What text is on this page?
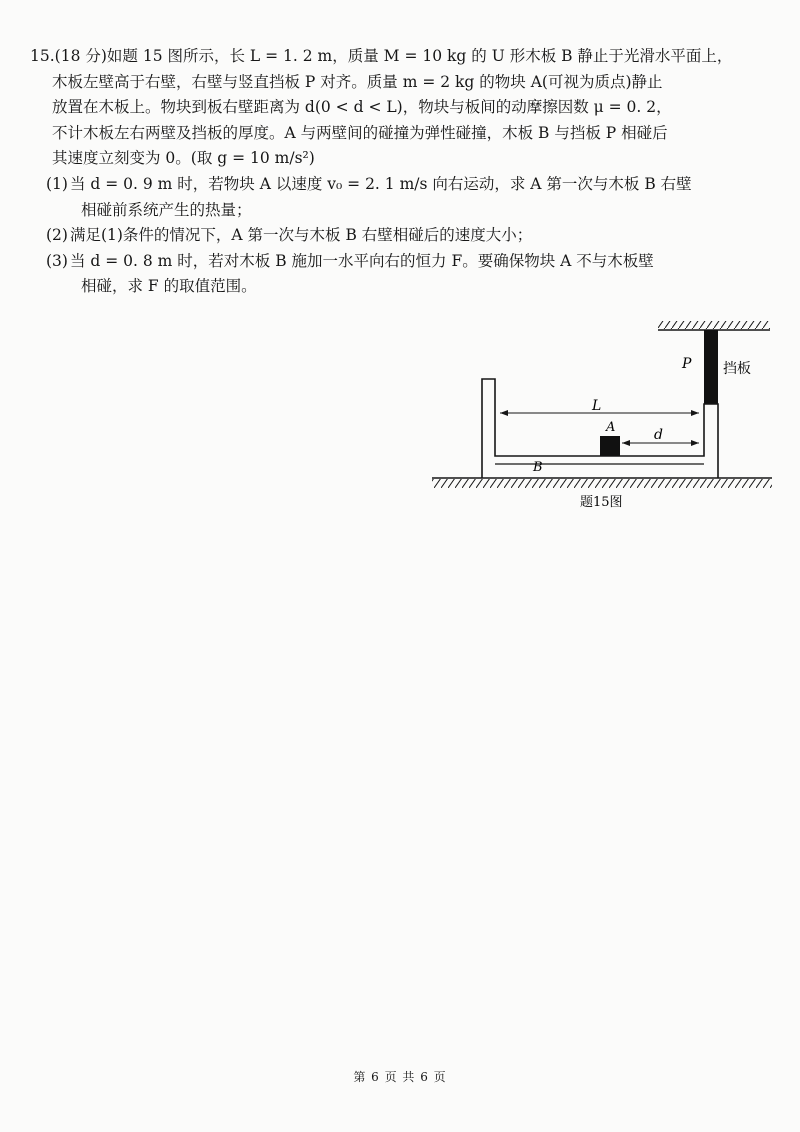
15.(18 分)如题 15 图所示，长 L = 1. 2 m，质量 M = 10 kg 的 U 形木板 B 静止于光滑水平面上，
木板左壁高于右壁，右壁与竖直挡板 P 对齐。质量 m = 2 kg 的物块 A(可视为质点)静止
放置在木板上。物块到板右壁距离为 d(0 < d < L)，物块与板间的动摩擦因数 μ = 0. 2，
不计木板左右两壁及挡板的厚度。A 与两壁间的碰撞为弹性碰撞，木板 B 与挡板 P 相碰后
其速度立刻变为 0。(取 g = 10 m/s²)
(1) 当 d = 0. 9 m 时，若物块 A 以速度 v₀ = 2. 1 m/s 向右运动，求 A 第一次与木板 B 右壁
相碰前系统产生的热量；
(2) 满足(1)条件的情况下，A 第一次与木板 B 右壁相碰后的速度大小；
(3) 当 d = 0. 8 m 时，若对木板 B 施加一水平向右的恒力 F。要确保物块 A 不与木板壁
相碰，求 F 的取值范围。
P 挡板
B
L
A	d
题15图
第 6 页 共 6 页
